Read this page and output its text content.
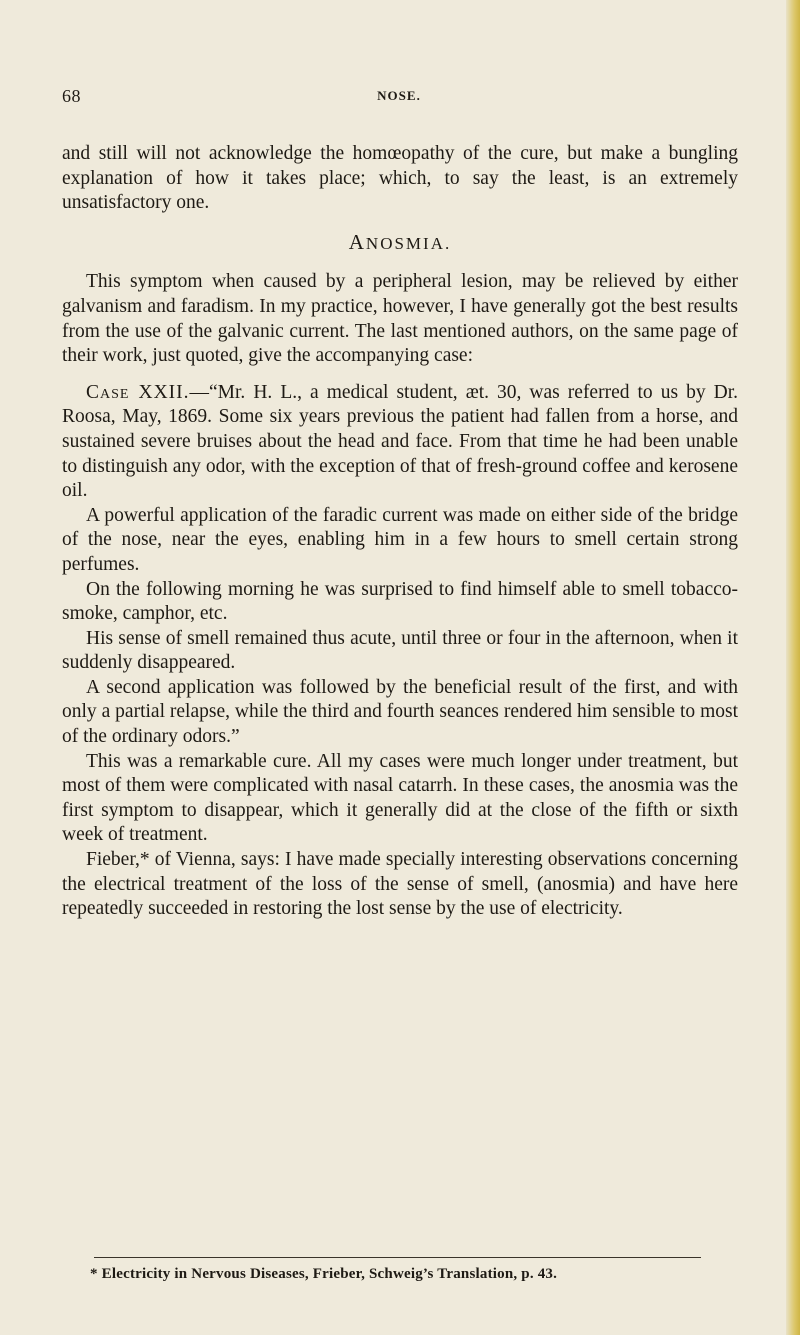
68	NOSE.

and still will not acknowledge the homœopathy of the cure, but make a bungling explanation of how it takes place; which, to say the least, is an extremely unsatisfactory one.

ANOSMIA.

This symptom when caused by a peripheral lesion, may be relieved by either galvanism and faradism. In my practice, however, I have generally got the best results from the use of the galvanic current. The last mentioned authors, on the same page of their work, just quoted, give the accompanying case:

Case XXII.—“Mr. H. L., a medical student, æt. 30, was referred to us by Dr. Roosa, May, 1869. Some six years previous the patient had fallen from a horse, and sustained severe bruises about the head and face. From that time he had been unable to distinguish any odor, with the exception of that of fresh-ground coffee and kerosene oil.

A powerful application of the faradic current was made on either side of the bridge of the nose, near the eyes, enabling him in a few hours to smell certain strong perfumes.

On the following morning he was surprised to find himself able to smell tobacco-smoke, camphor, etc.

His sense of smell remained thus acute, until three or four in the afternoon, when it suddenly disappeared.

A second application was followed by the beneficial result of the first, and with only a partial relapse, while the third and fourth seances rendered him sensible to most of the ordinary odors.”

This was a remarkable cure. All my cases were much longer under treatment, but most of them were complicated with nasal catarrh. In these cases, the anosmia was the first symptom to disappear, which it generally did at the close of the fifth or sixth week of treatment.

Fieber,* of Vienna, says: I have made specially interesting observations concerning the electrical treatment of the loss of the sense of smell, (anosmia) and have here repeatedly succeeded in restoring the lost sense by the use of electricity.

* Electricity in Nervous Diseases, Frieber, Schweig’s Translation, p. 43.
